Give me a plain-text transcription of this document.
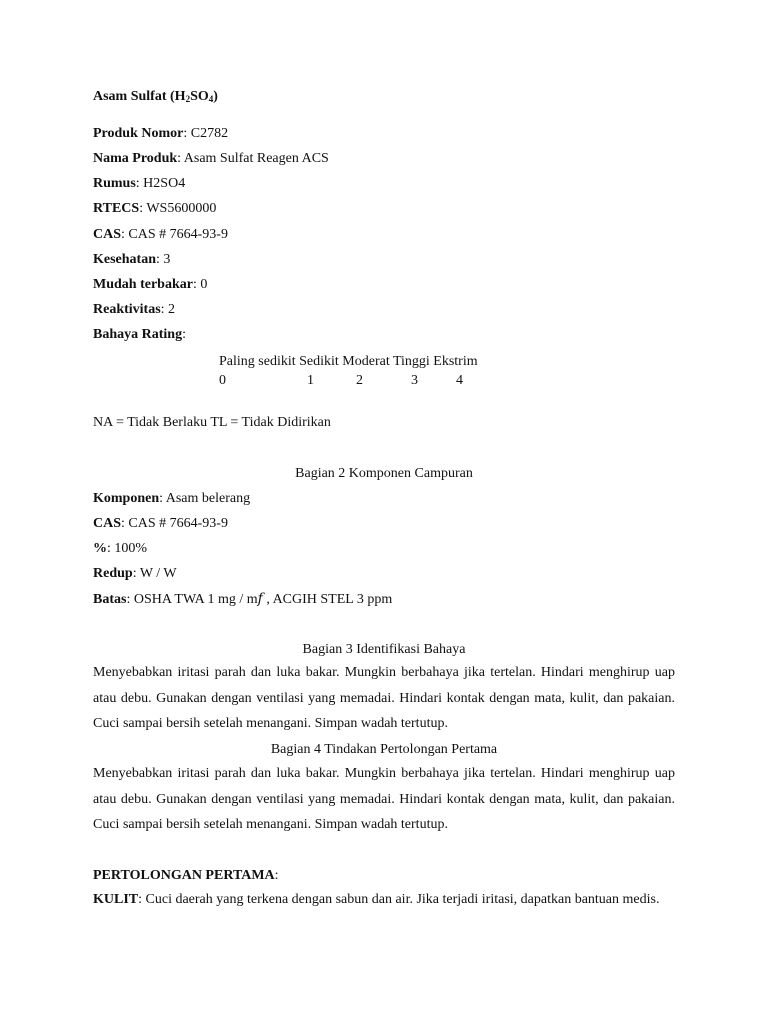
Asam Sulfat $(H_2SO_4)$
Produk Nomor: C2782
Nama Produk: Asam Sulfat Reagen ACS
Rumus: H2SO4
RTECS: WS5600000
CAS: CAS # 7664-93-9
Kesehatan: 3
Mudah terbakar: 0
Reaktivitas: 2
Bahaya Rating:
Paling sedikit Sedikit Moderat Tinggi Ekstrim
0	1	2	3	4
NA = Tidak Berlaku TL = Tidak Didirikan
Bagian 2 Komponen Campuran
Komponen: Asam belerang
CAS: CAS # 7664-93-9
%: 100%
Redup: W / W
Batas: OSHA TWA 1 mg / m𝑓 , ACGIH STEL 3 ppm
Bagian 3 Identifikasi Bahaya
Menyebabkan iritasi parah dan luka bakar. Mungkin berbahaya jika tertelan. Hindari menghirup uap atau debu. Gunakan dengan ventilasi yang memadai. Hindari kontak dengan mata, kulit, dan pakaian. Cuci sampai bersih setelah menangani. Simpan wadah tertutup.
Bagian 4 Tindakan Pertolongan Pertama
Menyebabkan iritasi parah dan luka bakar. Mungkin berbahaya jika tertelan. Hindari menghirup uap atau debu. Gunakan dengan ventilasi yang memadai. Hindari kontak dengan mata, kulit, dan pakaian. Cuci sampai bersih setelah menangani. Simpan wadah tertutup.
PERTOLONGAN PERTAMA:
KULIT: Cuci daerah yang terkena dengan sabun dan air. Jika terjadi iritasi, dapatkan bantuan medis.
